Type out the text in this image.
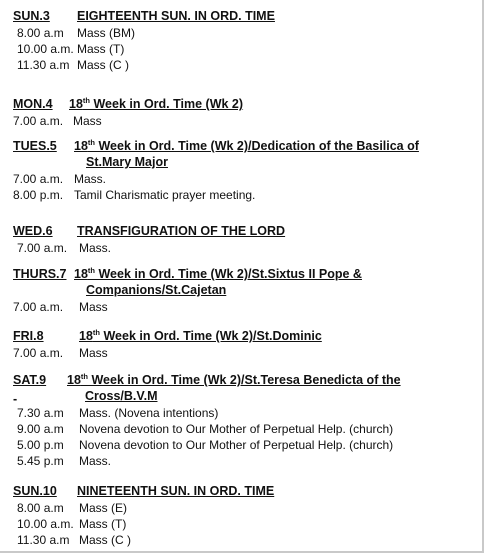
SUN.3 EIGHTEENTH SUN. IN ORD. TIME
8.00 a.m Mass (BM)
10.00 a.m. Mass (T)
11.30 a.m Mass (C )
MON.4 18th Week in Ord. Time (Wk 2)
7.00 a.m. Mass
TUES.5 18th Week in Ord. Time (Wk 2)/Dedication of the Basilica of
St.Mary Major
7.00 a.m. Mass.
8.00 p.m. Tamil Charismatic prayer meeting.
WED.6 TRANSFIGURATION OF THE LORD
7.00 a.m. Mass.
THURS.7 18th Week in Ord. Time (Wk 2)/St.Sixtus II Pope &
Companions/St.Cajetan
7.00 a.m. Mass
FRI.8	18th Week in Ord. Time (Wk 2)/St.Dominic
7.00 a.m. Mass
SAT.9 18th Week in Ord. Time (Wk 2)/St.Teresa Benedicta of the
Cross/B.V.M
-
7.30 a.m Mass. (Novena intentions)
9.00 a.m Novena devotion to Our Mother of Perpetual Help. (church)
5.00 p.m Novena devotion to Our Mother of Perpetual Help. (church)
5.45 p.m Mass.
SUN.10 NINETEENTH SUN. IN ORD. TIME
8.00 a.m Mass (E)
10.00 a.m. Mass (T)
11.30 a.m Mass (C )
